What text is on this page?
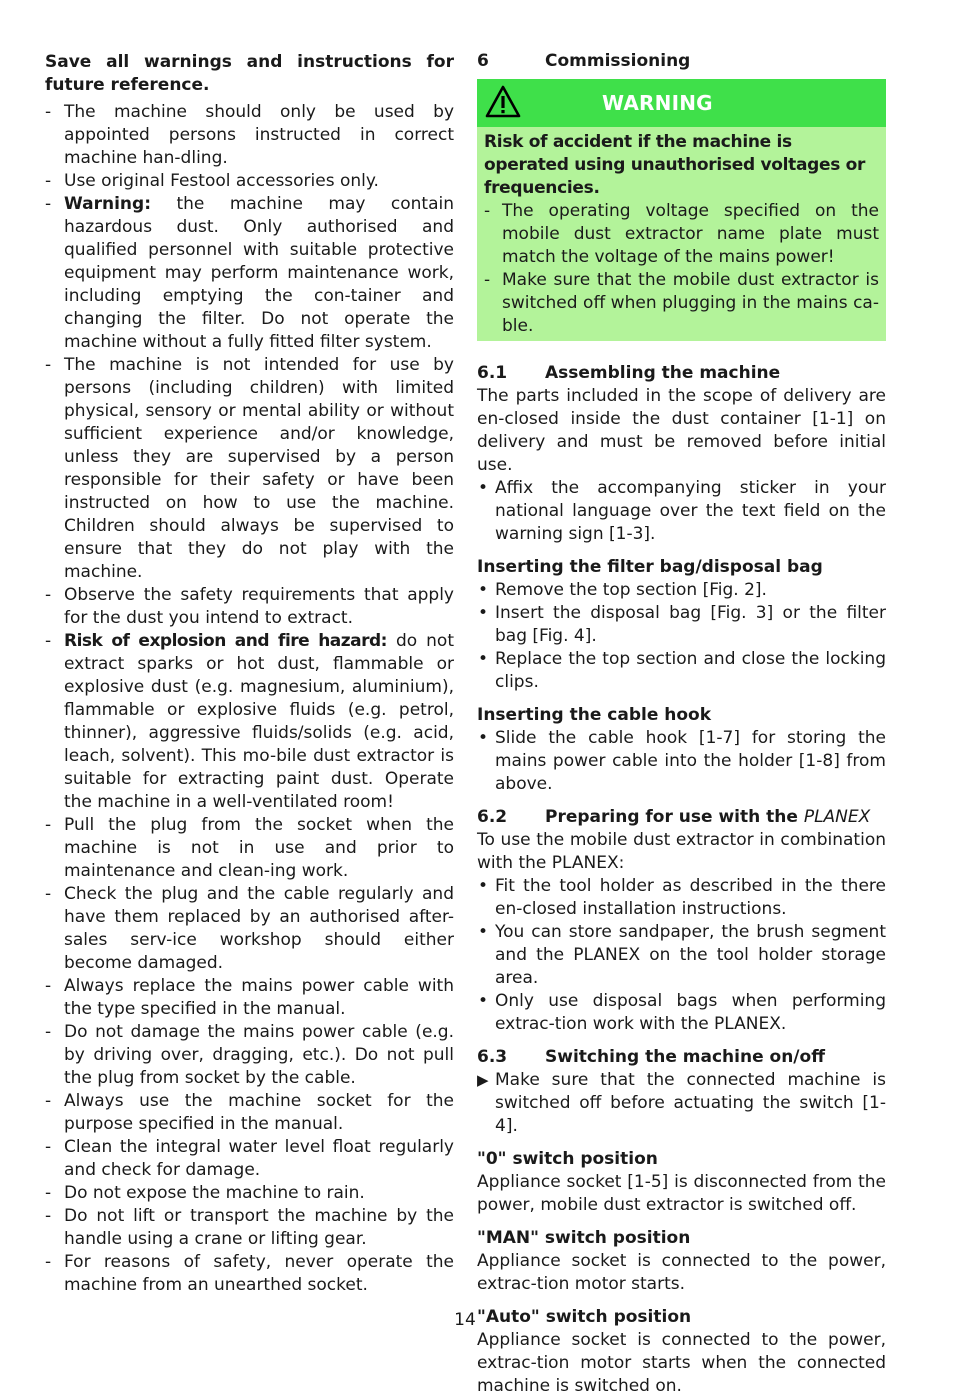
Save all warnings and instructions for future reference.

- The machine should only be used by appointed persons instructed in correct machine han-dling.
- Use original Festool accessories only.
- Warning: the machine may contain hazardous dust. Only authorised and qualified personnel with suitable protective equipment may perform maintenance work, including emptying the con-tainer and changing the filter. Do not operate the machine without a fully fitted filter system.
- The machine is not intended for use by persons (including children) with limited physical, sensory or mental ability or without sufficient experience and/or knowledge, unless they are supervised by a person responsible for their safety or have been instructed on how to use the machine. Children should always be supervised to ensure that they do not play with the machine.
- Observe the safety requirements that apply for the dust you intend to extract.
- Risk of explosion and fire hazard: do not extract sparks or hot dust, flammable or explosive dust (e.g. magnesium, aluminium), flammable or explosive fluids (e.g. petrol, thinner), aggressive fluids/solids (e.g. acid, leach, solvent). This mo-bile dust extractor is suitable for extracting paint dust. Operate the machine in a well-ventilated room!
- Pull the plug from the socket when the machine is not in use and prior to maintenance and clean-ing work.
- Check the plug and the cable regularly and have them replaced by an authorised after-sales serv-ice workshop should either become damaged.
- Always replace the mains power cable with the type specified in the manual.
- Do not damage the mains power cable (e.g. by driving over, dragging, etc.). Do not pull the plug from socket by the cable.
- Always use the machine socket for the purpose specified in the manual.
- Clean the integral water level float regularly and check for damage.
- Do not expose the machine to rain.
- Do not lift or transport the machine by the handle using a crane or lifting gear.
- For reasons of safety, never operate the machine from an unearthed socket.
6	Commissioning
WARNING

Risk of accident if the machine is operated using unauthorised voltages or frequencies.

- The operating voltage specified on the mobile dust extractor name plate must match the voltage of the mains power!
- Make sure that the mobile dust extractor is switched off when plugging in the mains ca-ble.
6.1	Assembling the machine

The parts included in the scope of delivery are en-closed inside the dust container [1-1] on delivery and must be removed before initial use.

• Affix the accompanying sticker in your national language over the text field on the warning sign [1-3].
Inserting the filter bag/disposal bag
• Remove the top section [Fig. 2].
• Insert the disposal bag [Fig. 3] or the filter bag [Fig. 4].
• Replace the top section and close the locking clips.
Inserting the cable hook
• Slide the cable hook [1-7] for storing the mains power cable into the holder [1-8] from above.
6.2	Preparing for use with the PLANEX

To use the mobile dust extractor in combination with the PLANEX:

• Fit the tool holder as described in the there en-closed installation instructions.
• You can store sandpaper, the brush segment and the PLANEX on the tool holder storage area.
• Only use disposal bags when performing extrac-tion work with the PLANEX.
6.3	Switching the machine on/off
▶ Make sure that the connected machine is switched off before actuating the switch [1-4].
"0" switch position

Appliance socket [1-5] is disconnected from the power, mobile dust extractor is switched off.

"MAN" switch position

Appliance socket is connected to the power, extrac-tion motor starts.

"Auto" switch position

Appliance socket is connected to the power, extrac-tion motor starts when the connected machine is switched on.

14
